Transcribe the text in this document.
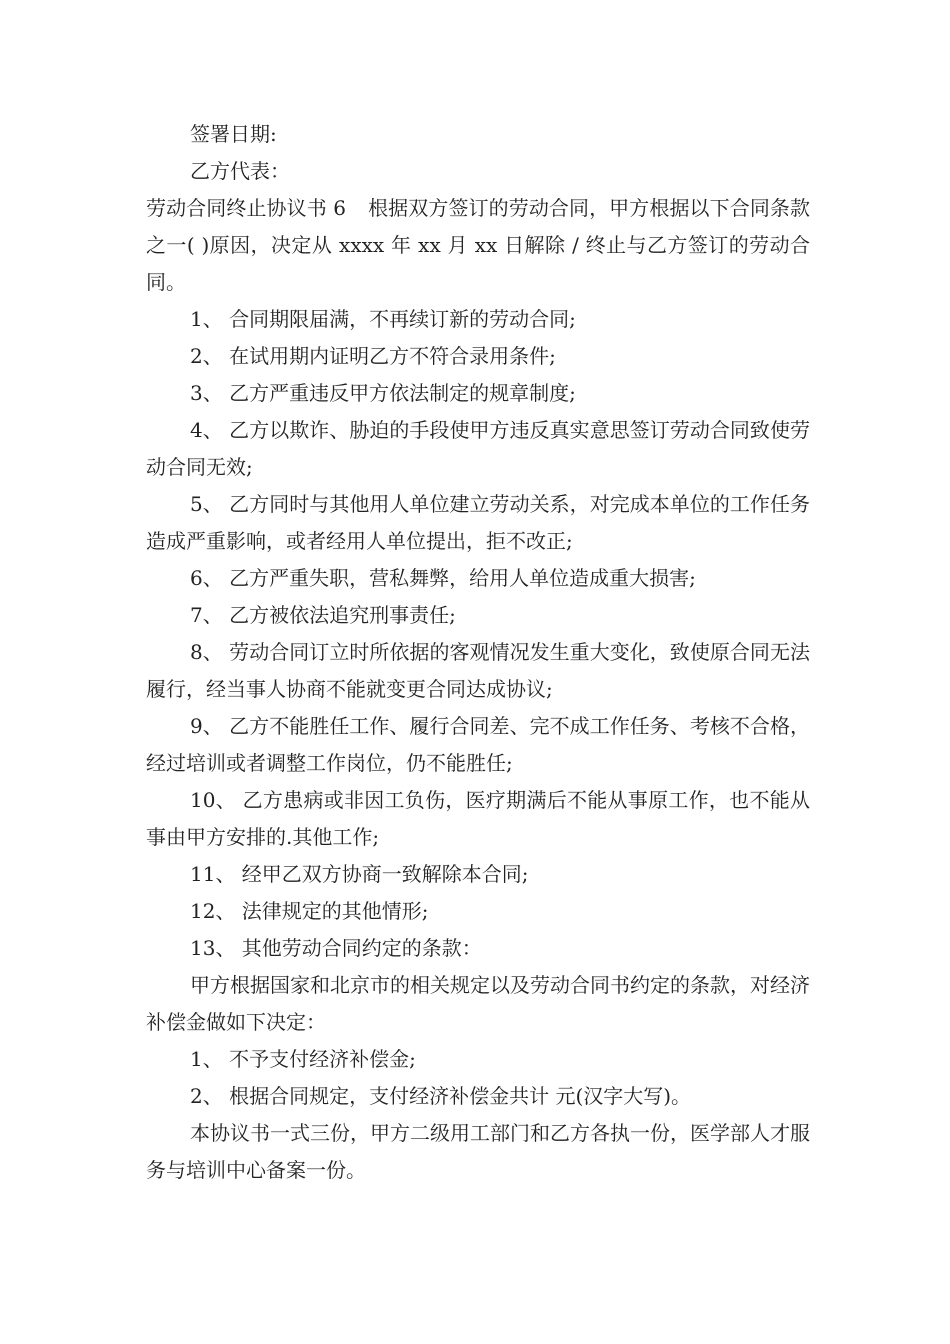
签署日期:

乙方代表：

劳动合同终止协议书 6 根据双方签订的劳动合同，甲方根据以下合同条款之一( )原因，决定从 xxxx 年 xx 月 xx 日解除 / 终止与乙方签订的劳动合同。

1、 合同期限届满，不再续订新的劳动合同;

2、 在试用期内证明乙方不符合录用条件;

3、 乙方严重违反甲方依法制定的规章制度;

4、 乙方以欺诈、胁迫的手段使甲方违反真实意思签订劳动合同致使劳动合同无效;

5、 乙方同时与其他用人单位建立劳动关系，对完成本单位的工作任务造成严重影响，或者经用人单位提出，拒不改正;

6、 乙方严重失职，营私舞弊，给用人单位造成重大损害;

7、 乙方被依法追究刑事责任;

8、 劳动合同订立时所依据的客观情况发生重大变化，致使原合同无法履行，经当事人协商不能就变更合同达成协议;

9、 乙方不能胜任工作、履行合同差、完不成工作任务、考核不合格，经过培训或者调整工作岗位，仍不能胜任;

10、 乙方患病或非因工负伤，医疗期满后不能从事原工作，也不能从事由甲方安排的.其他工作;

11、 经甲乙双方协商一致解除本合同;

12、 法律规定的其他情形;

13、 其他劳动合同约定的条款：

甲方根据国家和北京市的相关规定以及劳动合同书约定的条款，对经济补偿金做如下决定：

1、 不予支付经济补偿金;

2、 根据合同规定，支付经济补偿金共计 元(汉字大写)。

本协议书一式三份，甲方二级用工部门和乙方各执一份，医学部人才服务与培训中心备案一份。
